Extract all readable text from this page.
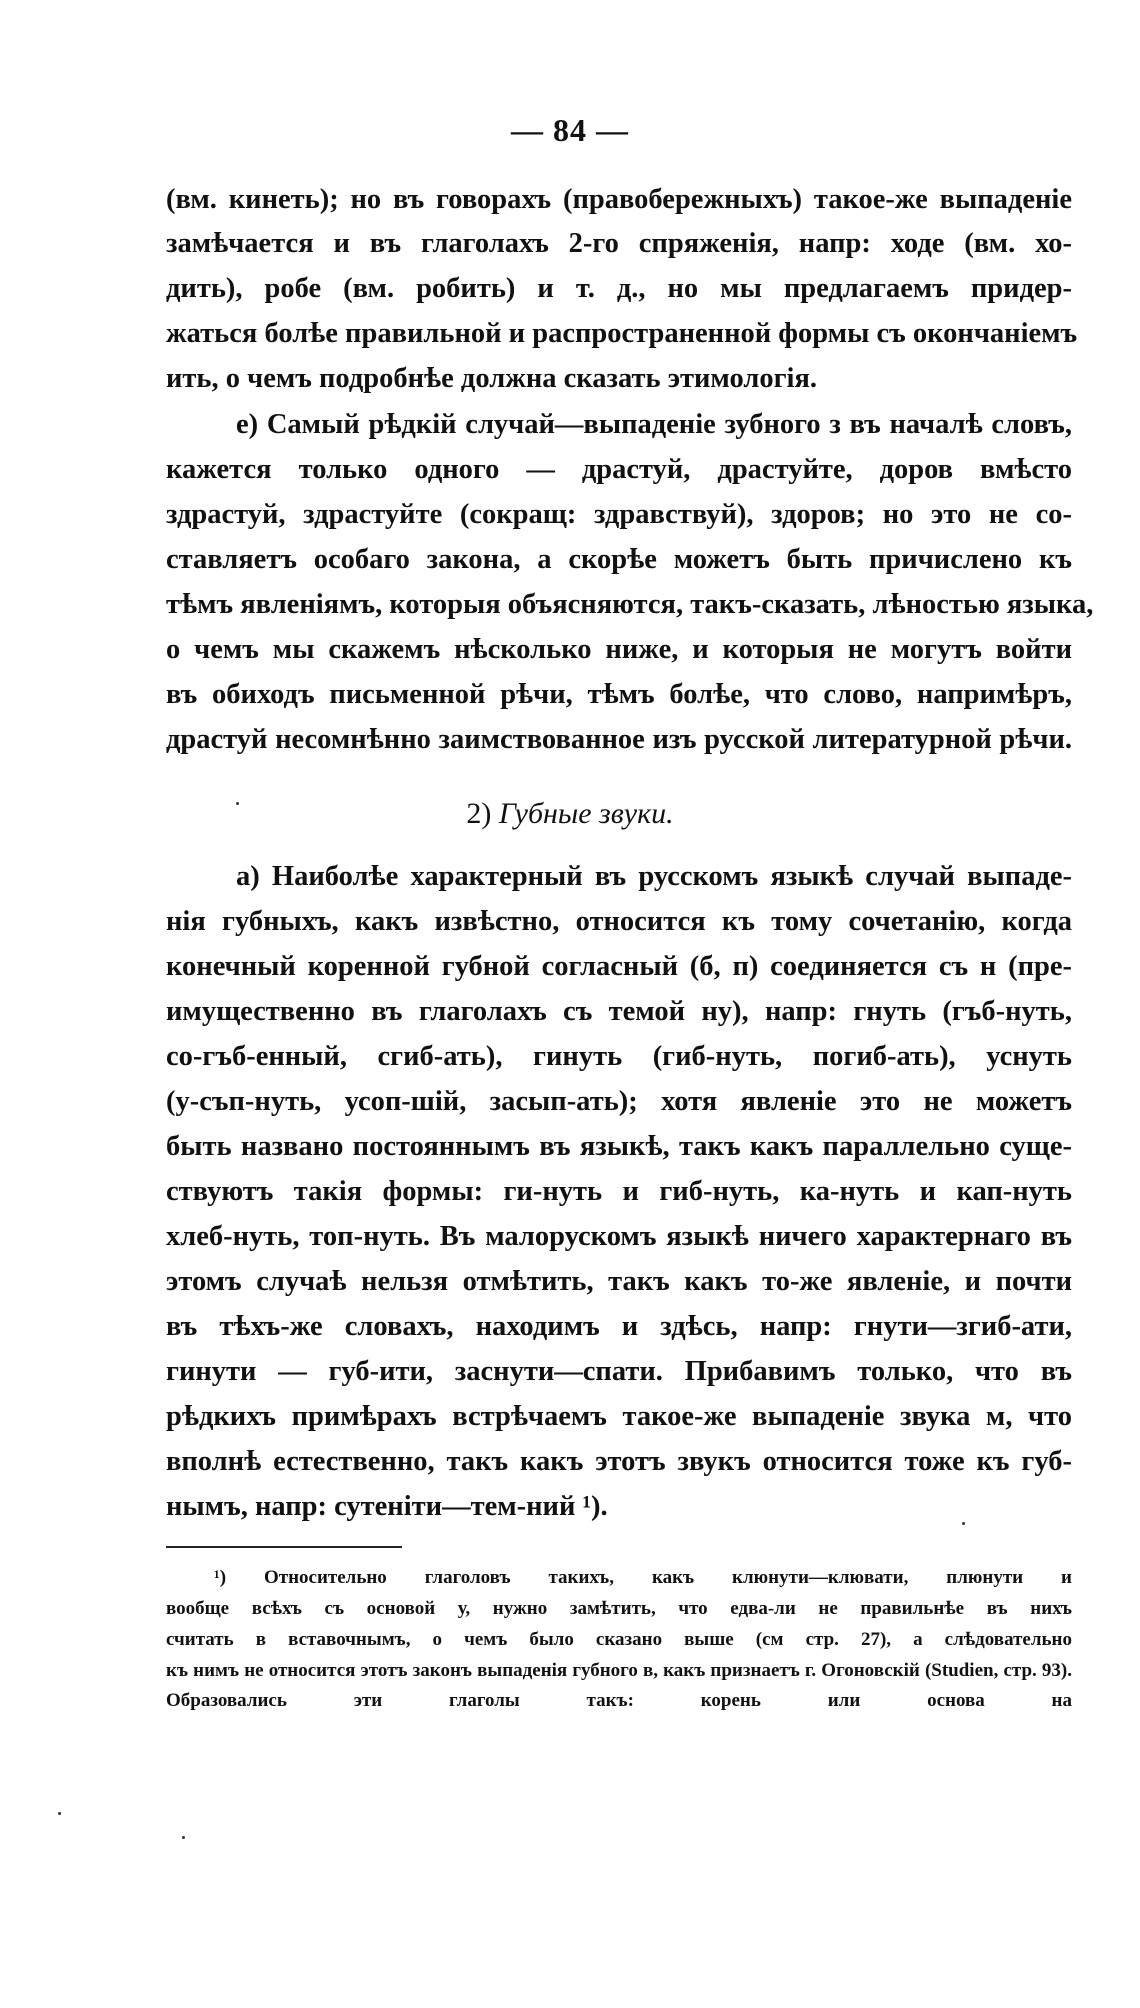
— 84 —
(вм. кинеть); но въ говорахъ (правобережныхъ) такое-же выпаденіе
замѣчается и въ глаголахъ 2-го спряженія, напр: ходе (вм. хо-
дить), робе (вм. робить) и т. д., но мы предлагаемъ придер-
жаться болѣе правильной и распространенной формы съ окончаніемъ
ить, о чемъ подробнѣе должна сказать этимологія.
е) Самый рѣдкій случай—выпаденіе зубного з въ началѣ словъ,
кажется только одного — драстуй, драстуйте, доров вмѣсто
здрастуй, здрастуйте (сокращ: здравствуй), здоров; но это не со-
ставляетъ особаго закона, а скорѣе можетъ быть причислено къ
тѣмъ явленіямъ, которыя объясняются, такъ-сказать, лѣностью языка,
о чемъ мы скажемъ нѣсколько ниже, и которыя не могутъ войти
въ обиходъ письменной рѣчи, тѣмъ болѣе, что слово, напримѣръ,
драстуй несомнѣнно заимствованное изъ русской литературной рѣчи.
2) Губные звуки.
а) Наиболѣе характерный въ русскомъ языкѣ случай выпаде-
нія губныхъ, какъ извѣстно, относится къ тому сочетанію, когда
конечный коренной губной согласный (б, п) соединяется съ н (пре-
имущественно въ глаголахъ съ темой ну), напр: гнуть (гъб-нуть,
со-гъб-енный, сгиб-ать), гинуть (гиб-нуть, погиб-ать), уснуть
(у-съп-нуть, усоп-шій, засып-ать); хотя явленіе это не можетъ
быть названо постояннымъ въ языкѣ, такъ какъ параллельно суще-
ствуютъ такія формы: ги-нуть и гиб-нуть, ка-нуть и кап-нуть
хлеб-нуть, топ-нуть. Въ малорускомъ языкѣ ничего характернаго въ
этомъ случаѣ нельзя отмѣтить, такъ какъ то-же явленіе, и почти
въ тѣхъ-же словахъ, находимъ и здѣсь, напр: гнути—згиб-ати,
гинути — губ-ити, заснути—спати. Прибавимъ только, что въ
рѣдкихъ примѣрахъ встрѣчаемъ такое-же выпаденіе звука м, что
вполнѣ естественно, такъ какъ этотъ звукъ относится тоже къ губ-
нымъ, напр: сутенiти—тем-ний ¹).
¹) Относительно глаголовъ такихъ, какъ клюнути—клювати, плюнути и
вообще всѣхъ съ основой у, нужно замѣтить, что едва-ли не правильнѣе въ нихъ
считать в вставочнымъ, о чемъ было сказано выше (см стр. 27), а слѣдовательно
къ нимъ не относится этотъ законъ выпаденія губного в, какъ признаетъ г. Огоновскій (Studien, стр. 93). Образовались эти глаголы такъ: корень или основа на
